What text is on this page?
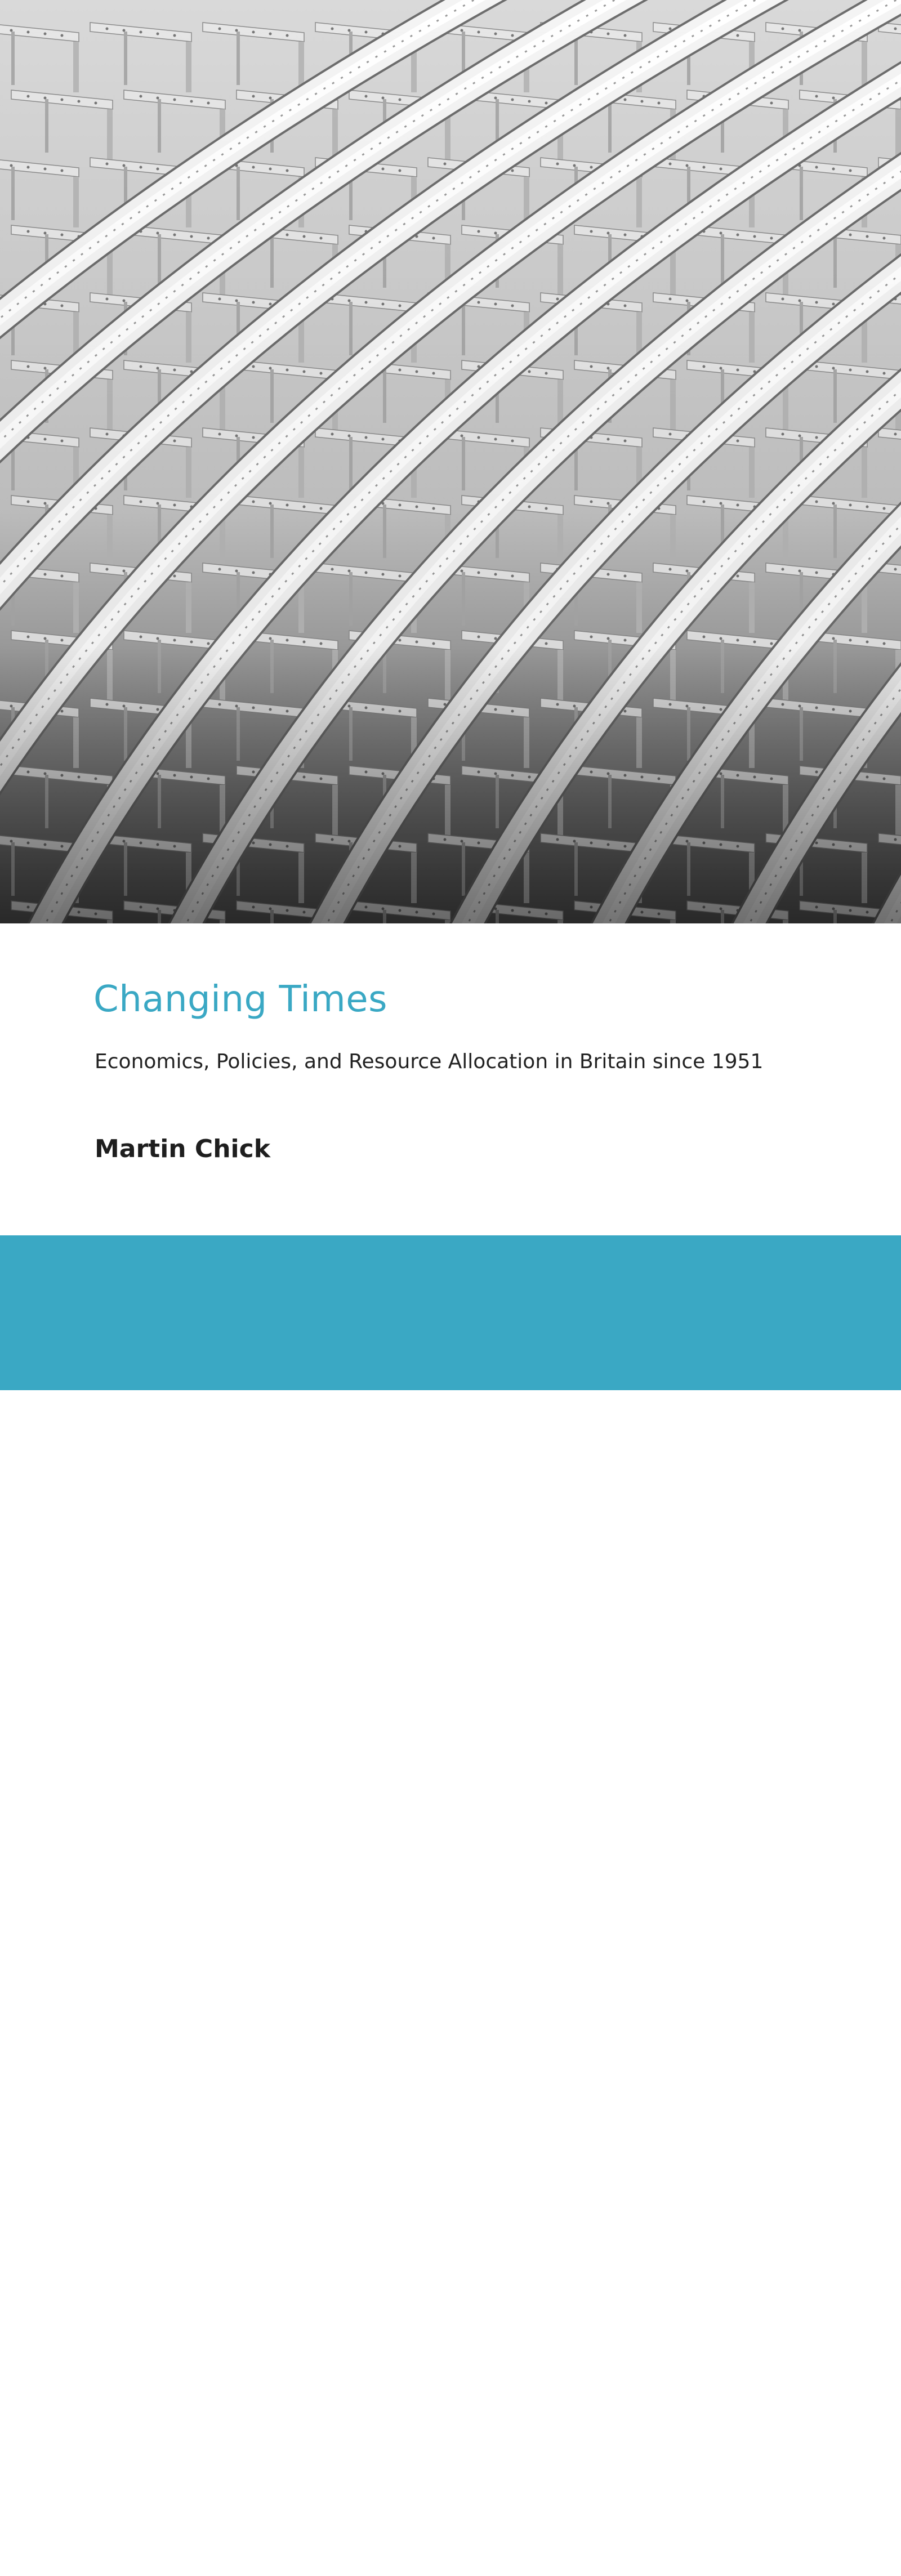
Changing Times

Economics, Policies, and Resource Allocation in Britain since 1951

Martin Chick

OXFORD
